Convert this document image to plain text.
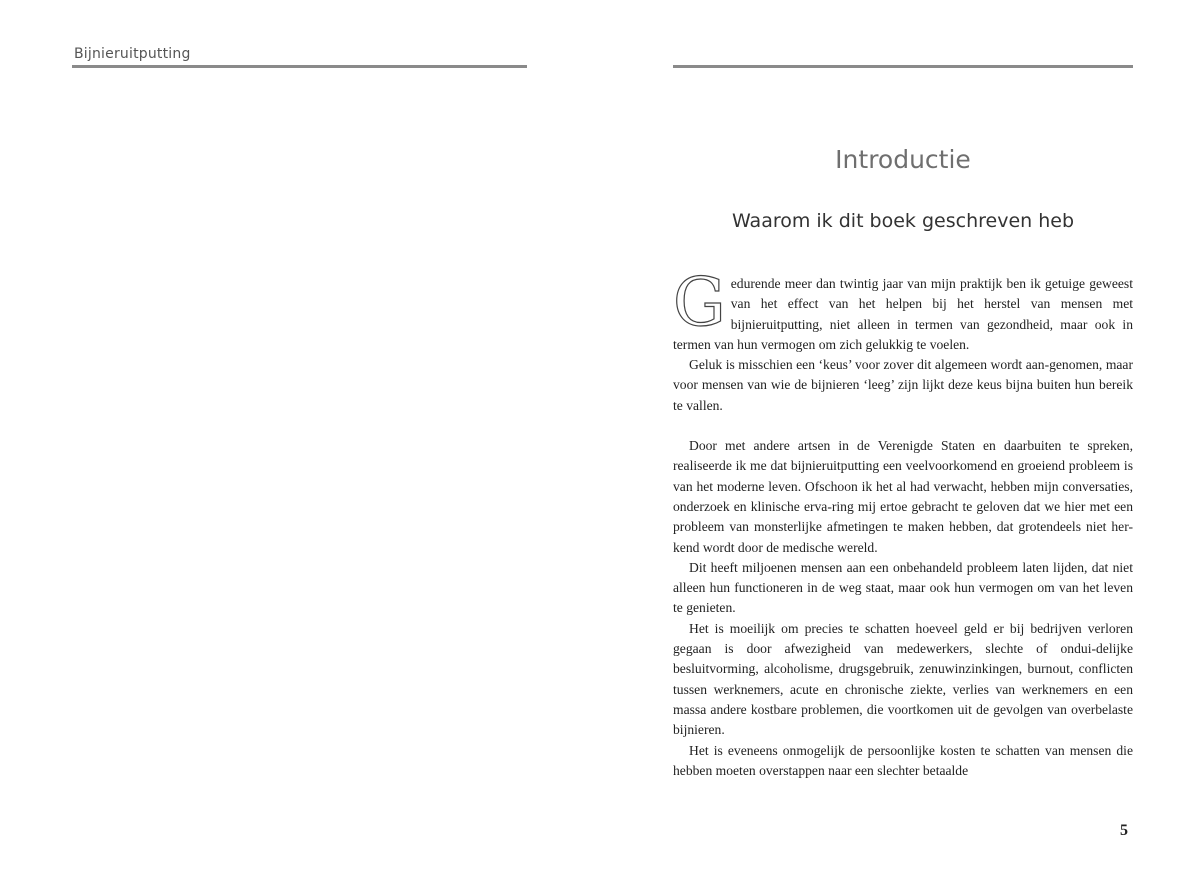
Bijnieruitputting
Introductie
Waarom ik dit boek geschreven heb

Gedurende meer dan twintig jaar van mijn praktijk ben ik getuige geweest van het effect van het helpen bij het herstel van mensen met bijnieruitputting, niet alleen in termen van gezondheid, maar ook in termen van hun vermogen om zich gelukkig te voelen.

Geluk is misschien een ‘keus’ voor zover dit algemeen wordt aan-genomen, maar voor mensen van wie de bijnieren ‘leeg’ zijn lijkt deze keus bijna buiten hun bereik te vallen.

Door met andere artsen in de Verenigde Staten en daarbuiten te spreken, realiseerde ik me dat bijnieruitputting een veelvoorkomend en groeiend probleem is van het moderne leven. Ofschoon ik het al had verwacht, hebben mijn conversaties, onderzoek en klinische erva-ring mij ertoe gebracht te geloven dat we hier met een probleem van monsterlijke afmetingen te maken hebben, dat grotendeels niet her-kend wordt door de medische wereld.

Dit heeft miljoenen mensen aan een onbehandeld probleem laten lijden, dat niet alleen hun functioneren in de weg staat, maar ook hun vermogen om van het leven te genieten.

Het is moeilijk om precies te schatten hoeveel geld er bij bedrijven verloren gegaan is door afwezigheid van medewerkers, slechte of ondui-delijke besluitvorming, alcoholisme, drugsgebruik, zenuwinzinkingen, burnout, conflicten tussen werknemers, acute en chronische ziekte, verlies van werknemers en een massa andere kostbare problemen, die voortkomen uit de gevolgen van overbelaste bijnieren.

Het is eveneens onmogelijk de persoonlijke kosten te schatten van mensen die hebben moeten overstappen naar een slechter betaalde

5
